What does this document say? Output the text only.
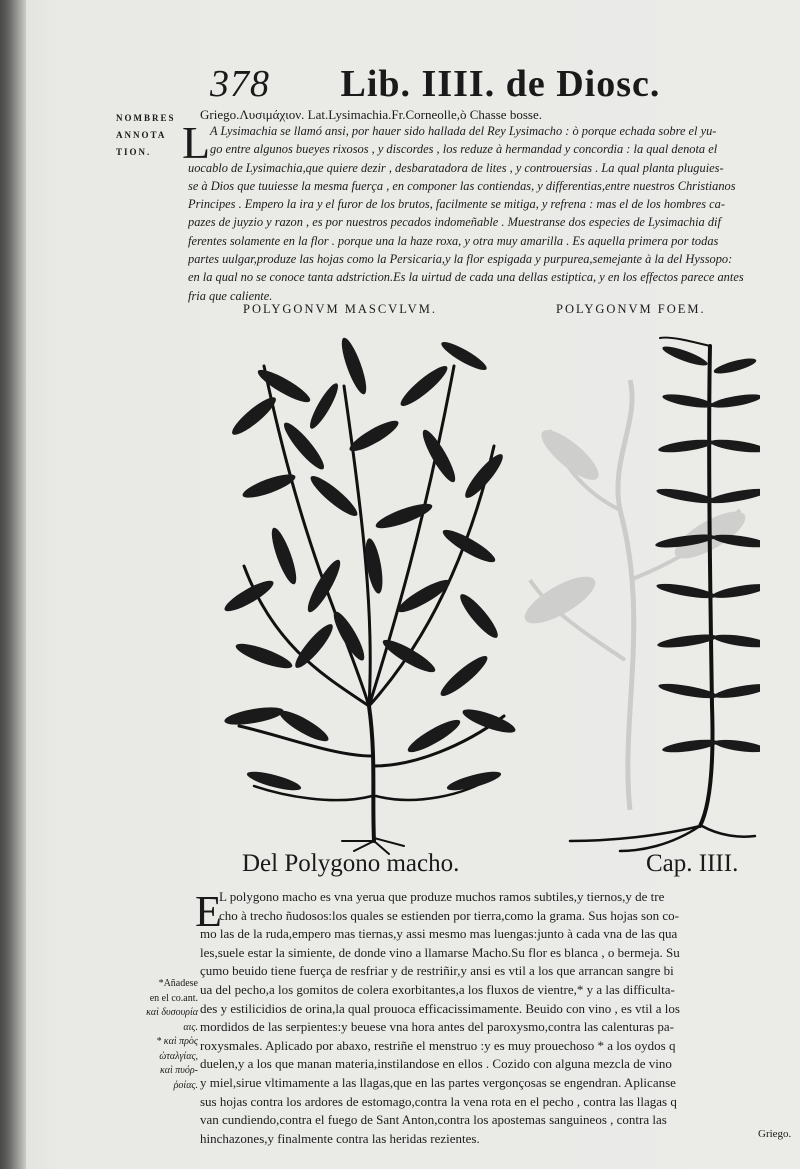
378 Lib. IIII. de Diosc.
NOMBRES
ANNOTA
TION.
Griego.Λυσιμάχιον. Lat.Lysimachia.Fr.Corneolle,ò Chasse bosse.
L A Lysimachia se llamó ansi, por hauer sido hallada del Rey Lysimacho : ò porque echada sobre el yu-
go entre algunos bueyes rixosos , y discordes , los reduze à hermandad y concordia : la qual denota el
uocablo de Lysimachia,que quiere dezir , desbaratadora de lites , y controuersias . La qual planta pluguies-
se à Dios que tuuiesse la mesma fuerça , en componer las contiendas, y differentias,entre nuestros Christianos
Principes . Empero la ira y el furor de los brutos, facilmente se mitiga, y refrena : mas el de los hombres ca-
pazes de juyzio y razon , es por nuestros pecados indomeñable . Muestranse dos especies de Lysimachia dif
ferentes solamente en la flor . porque una la haze roxa, y otra muy amarilla . Es aquella primera por todas
partes uulgar,produze las hojas como la Persicaria,y la flor espigada y purpurea,semejante à la del Hyssopo:
en la qual no se conoce tanta adstriction.Es la uirtud de cada una dellas estiptica, y en los effectos parece antes
fria que caliente.
POLYGONVM MASCVLVM.	POLYGONVM FOEM.
Del Polygono macho.	Cap. IIII.
E
L polygono macho es vna yerua que produze muchos ramos subtiles,y tiernos,y de tre
cho à trecho ñudosos:los quales se estienden por tierra,como la grama. Sus hojas son co-
mo las de la ruda,empero mas tiernas,y assi mesmo mas luengas:junto à cada vna de las qua
les,suele estar la simiente, de donde vino a llamarse Macho.Su flor es blanca , o bermeja. Su
çumo beuido tiene fuerça de resfriar y de restriñir,y ansi es vtil a los que arrancan sangre bi
ua del pecho,a los gomitos de colera exorbitantes,a los fluxos de vientre,* y a las difficulta-
des y estilicidios de orina,la qual prouoca efficacissimamente. Beuido con vino , es vtil a los
mordidos de las serpientes:y beuese vna hora antes del paroxysmo,contra las calenturas pa-
roxysmales. Aplicado por abaxo, restriñe el menstruo :y es muy prouechoso * a los oydos q
duelen,y a los que manan materia,instilandose en ellos . Cozido con alguna mezcla de vino
y miel,sirue vltimamente a las llagas,que en las partes vergonçosas se engendran. Aplicanse
sus hojas contra los ardores de estomago,contra la vena rota en el pecho , contra las llagas q
van cundiendo,contra el fuego de Sant Anton,contra los apostemas sanguineos , contra las
hinchazones,y finalmente contra las heridas rezientes.
*Añadese
en el co.ant.
καὶ δυσουρία
αις.
* καὶ πρὸς
ὠταλγίας,
καὶ πυόρ-
ῥοίας.
Griego.
